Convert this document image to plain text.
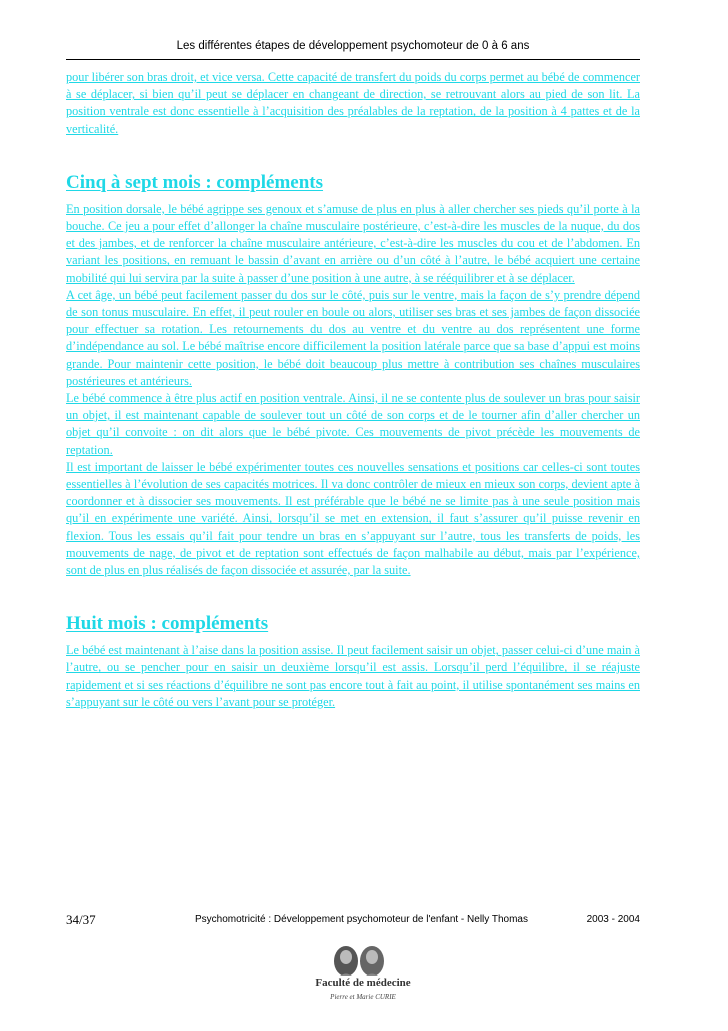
Les différentes étapes de développement psychomoteur de 0 à 6 ans

pour libérer son bras droit, et vice versa. Cette capacité de transfert du poids du corps permet au bébé de commencer à se déplacer, si bien qu’il peut se déplacer en changeant de direction, se retrouvant alors au pied de son lit. La position ventrale est donc essentielle à l’acquisition des préalables de la reptation, de la position à 4 pattes et de la verticalité.

Cinq à sept mois : compléments

En position dorsale, le bébé agrippe ses genoux et s’amuse de plus en plus à aller chercher ses pieds qu’il porte à la bouche. Ce jeu a pour effet d’allonger la chaîne musculaire postérieure, c’est-à-dire les muscles de la nuque, du dos et des jambes, et de renforcer la chaîne musculaire antérieure, c’est-à-dire les muscles du cou et de l’abdomen. En variant les positions, en remuant le bassin d’avant en arrière ou d’un côté à l’autre, le bébé acquiert une certaine mobilité qui lui servira par la suite à passer d’une position à une autre, à se rééquilibrer et à se déplacer.

A cet âge, un bébé peut facilement passer du dos sur le côté, puis sur le ventre, mais la façon de s’y prendre dépend de son tonus musculaire. En effet, il peut rouler en boule ou alors, utiliser ses bras et ses jambes de façon dissociée pour effectuer sa rotation. Les retournements du dos au ventre et du ventre au dos représentent une forme d’indépendance au sol. Le bébé maîtrise encore difficilement la position latérale parce que sa base d’appui est moins grande. Pour maintenir cette position, le bébé doit beaucoup plus mettre à contribution ses chaînes musculaires postérieures et antérieurs.

Le bébé commence à être plus actif en position ventrale. Ainsi, il ne se contente plus de soulever un bras pour saisir un objet, il est maintenant capable de soulever tout un côté de son corps et de le tourner afin d’aller chercher un objet qu’il convoite : on dit alors que le bébé pivote. Ces mouvements de pivot précède les mouvements de reptation.

Il est important de laisser le bébé expérimenter toutes ces nouvelles sensations et positions car celles-ci sont toutes essentielles à l’évolution de ses capacités motrices. Il va donc contrôler de mieux en mieux son corps, devient apte à coordonner et à dissocier ses mouvements. Il est préférable que le bébé ne se limite pas à une seule position mais qu’il en expérimente une variété. Ainsi, lorsqu’il se met en extension, il faut s’assurer qu’il puisse revenir en flexion. Tous les essais qu’il fait pour tendre un bras en s’appuyant sur l’autre, tous les transferts de poids, les mouvements de nage, de pivot et de reptation sont effectués de façon malhabile au début, mais par l’expérience, sont de plus en plus réalisés de façon dissociée et assurée, par la suite.

Huit mois : compléments

Le bébé est maintenant à l’aise dans la position assise. Il peut facilement saisir un objet, passer celui-ci d’une main à l’autre, ou se pencher pour en saisir un deuxième lorsqu’il est assis. Lorsqu’il perd l’équilibre, il se réajuste rapidement et si ses réactions d’équilibre ne sont pas encore tout à fait au point, il utilise spontanément ses mains en s’appuyant sur le côté ou vers l’avant pour se protéger.

34/37	Psychomotricité : Développement psychomoteur de l'enfant - Nelly Thomas	2003 - 2004
Faculté de médecine
Pierre et Marie CURIE
